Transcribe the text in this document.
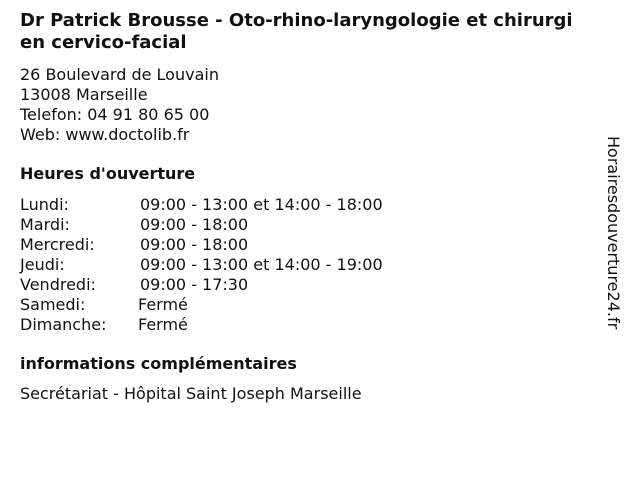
Dr Patrick Brousse - Oto-rhino-laryngologie et chirurgien cervico-facial
26 Boulevard de Louvain
13008 Marseille
Telefon: 04 91 80 65 00
Web: www.doctolib.fr
Heures d'ouverture
Lundi:	09:00 - 13:00 et 14:00 - 18:00
Mardi:	09:00 - 18:00
Mercredi:	09:00 - 18:00
Jeudi:	09:00 - 13:00 et 14:00 - 19:00
Vendredi:	09:00 - 17:30
Samedi:	Fermé
Dimanche:	Fermé
informations complémentaires
Secrétariat - Hôpital Saint Joseph Marseille
Horairesdouverture24.fr
